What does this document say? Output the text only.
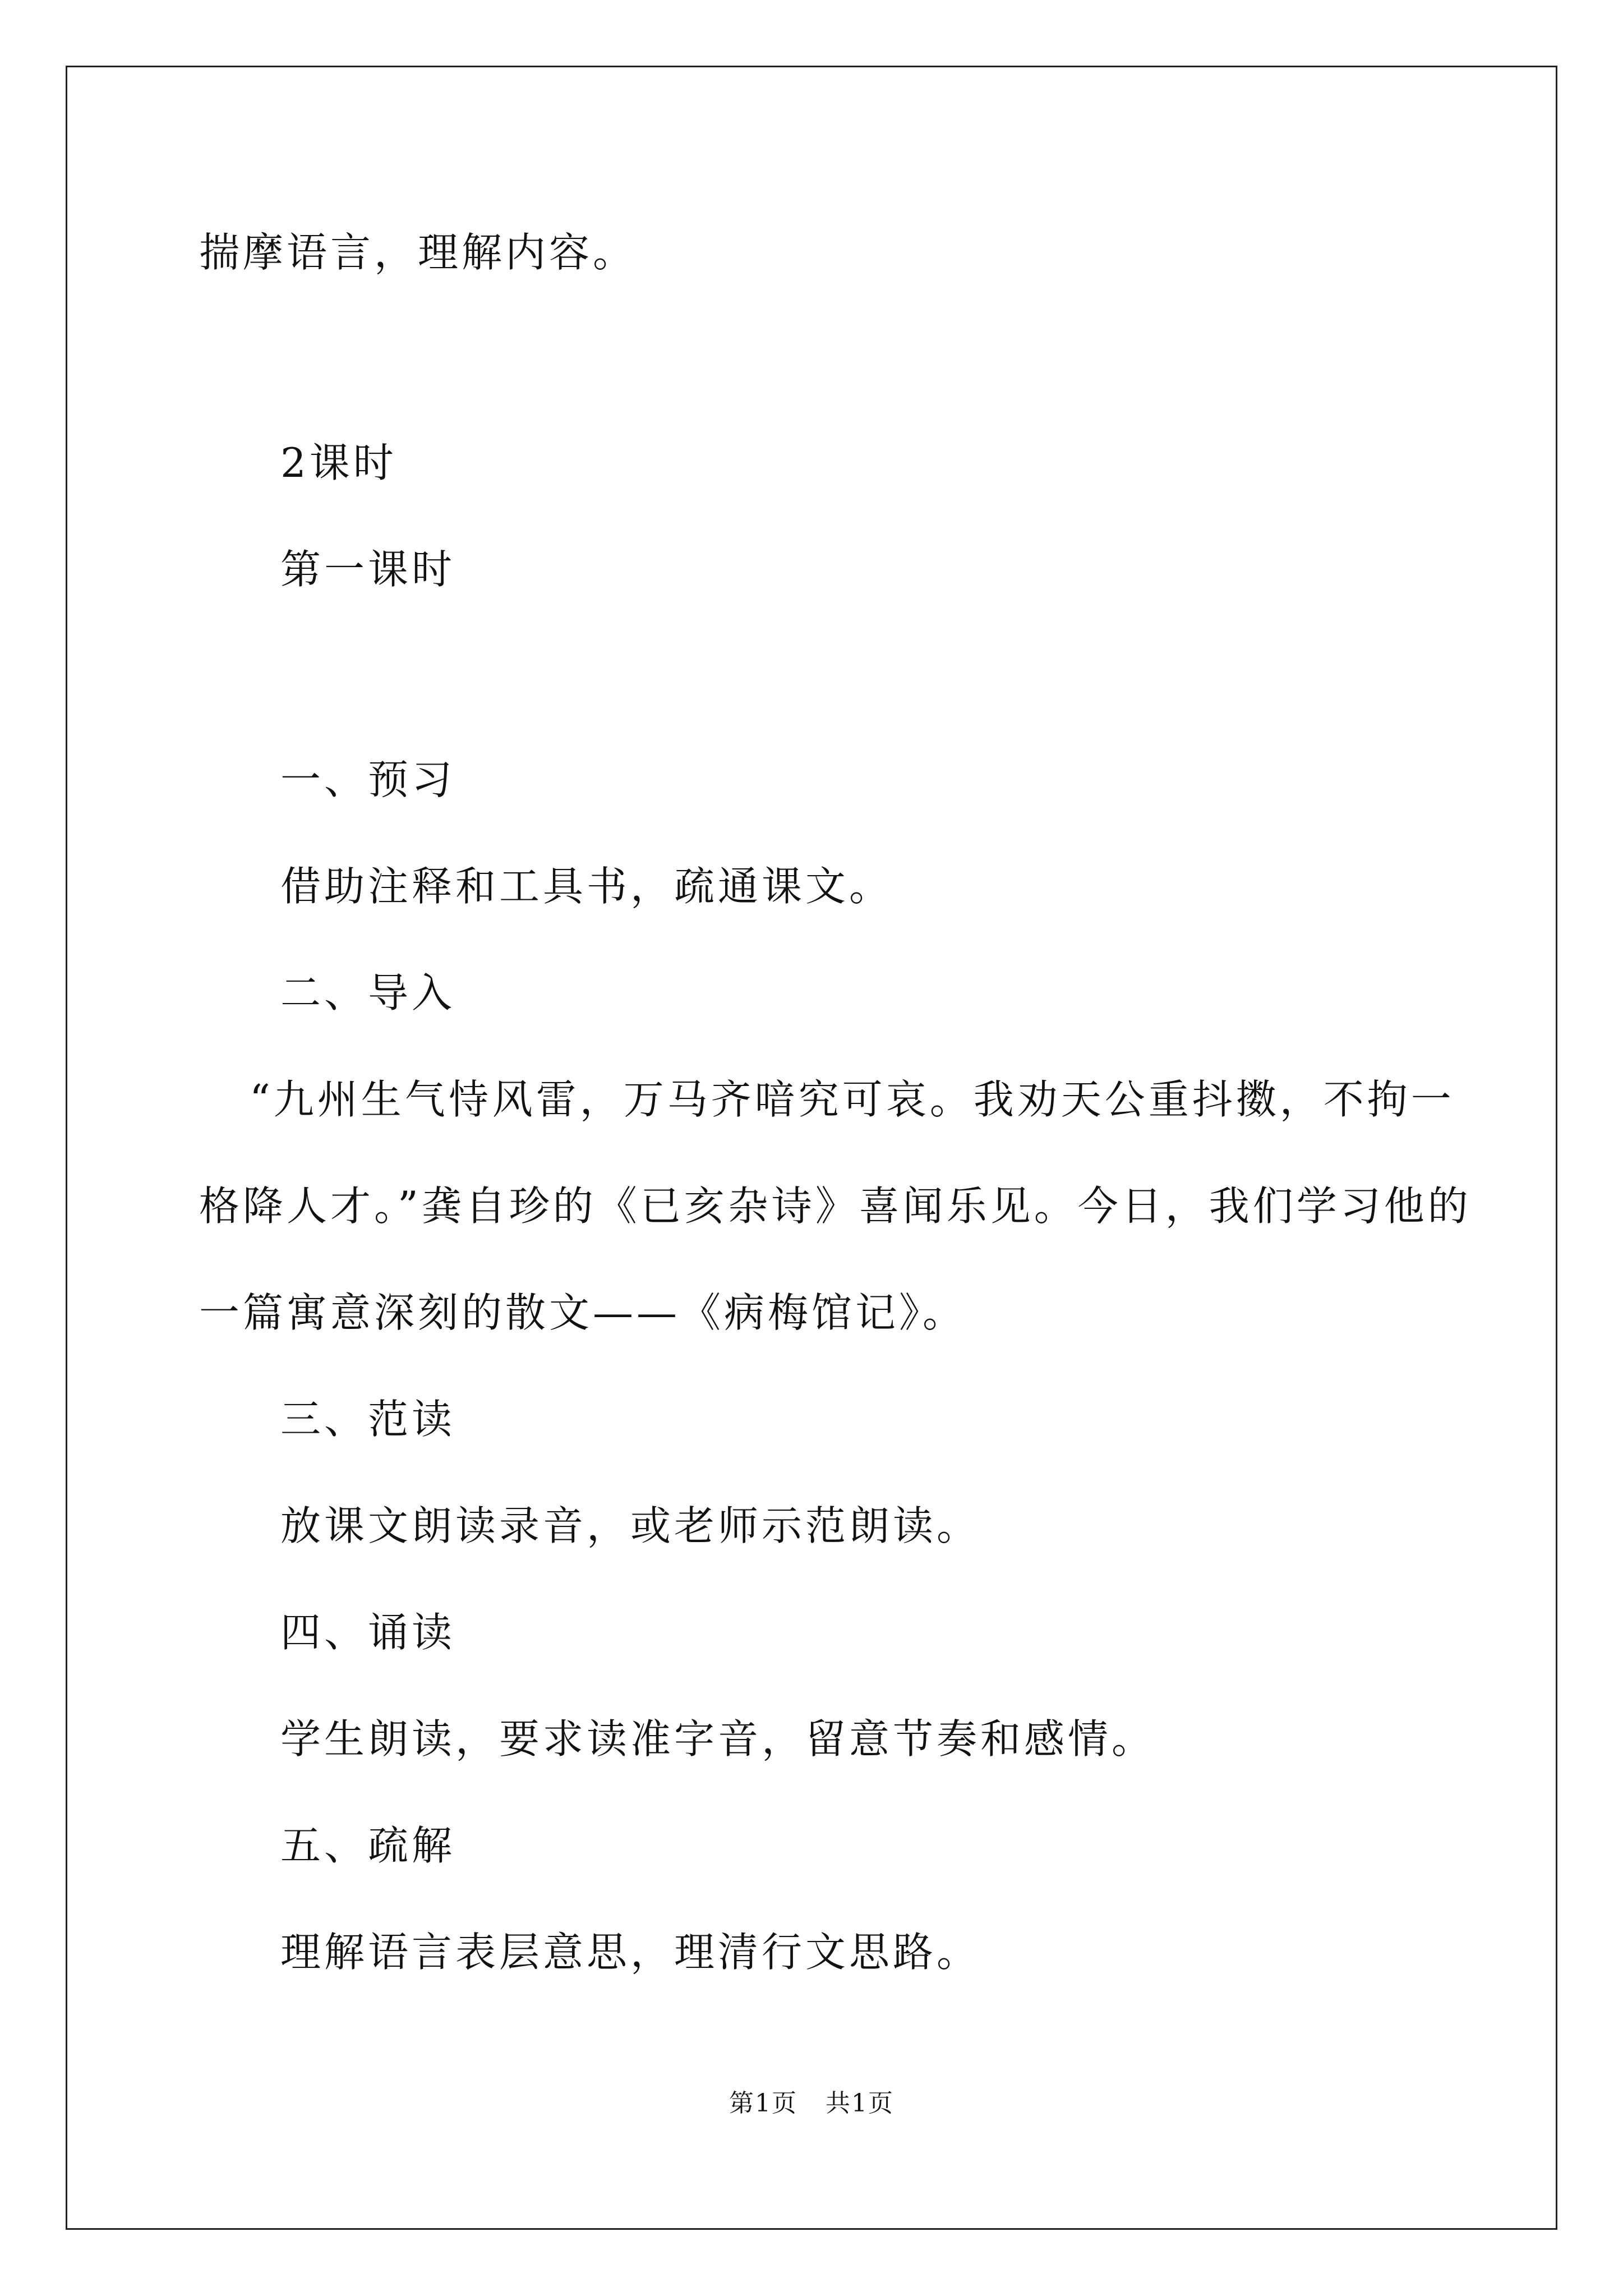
揣摩语言，理解内容。

2课时

第一课时

一、预习

借助注释和工具书，疏通课文。

二、导入

“九州生气恃风雷，万马齐喑究可哀。我劝天公重抖擞，不拘一

格降人才。”龚自珍的《已亥杂诗》喜闻乐见。今日，我们学习他的

一篇寓意深刻的散文——《病梅馆记》。

三、范读

放课文朗读录音，或老师示范朗读。

四、诵读

学生朗读，要求读准字音，留意节奏和感情。

五、疏解

理解语言表层意思，理清行文思路。

第1页 共1页
